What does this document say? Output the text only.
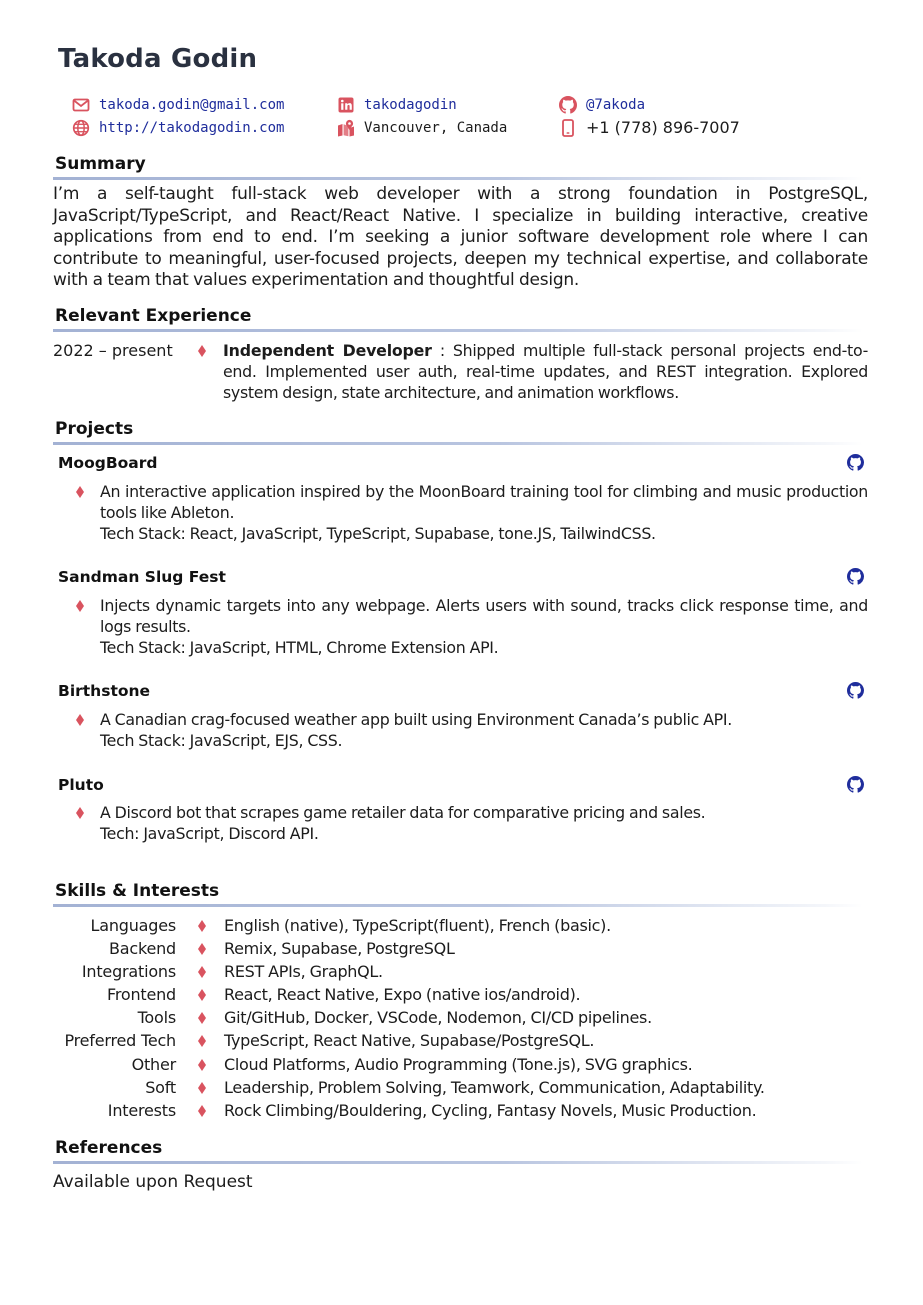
Takoda Godin
takoda.godin@gmail.com	takodagodin	@7akoda
http://takodagodin.com	Vancouver, Canada	+1 (778) 896-7007
Summary
I’m a self-taught full-stack web developer with a strong foundation in PostgreSQL, JavaScript/TypeScript, and React/React Native. I specialize in building interactive, creative applications from end to end. I’m seeking a junior software development role where I can contribute to meaningful, user-focused projects, deepen my technical expertise, and collaborate with a team that values experimentation and thoughtful design.
Relevant Experience
2022 – present	Independent Developer : Shipped multiple full-stack personal projects end-to-end. Implemented user auth, real-time updates, and REST integration. Explored system design, state architecture, and animation workflows.
Projects
MoogBoard
An interactive application inspired by the MoonBoard training tool for climbing and music production tools like Ableton.
Tech Stack: React, JavaScript, TypeScript, Supabase, tone.JS, TailwindCSS.
Sandman Slug Fest
Injects dynamic targets into any webpage. Alerts users with sound, tracks click response time, and logs results.
Tech Stack: JavaScript, HTML, Chrome Extension API.
Birthstone
A Canadian crag-focused weather app built using Environment Canada’s public API.
Tech Stack: JavaScript, EJS, CSS.
Pluto
A Discord bot that scrapes game retailer data for comparative pricing and sales.
Tech: JavaScript, Discord API.
Skills & Interests
Languages	English (native), TypeScript(fluent), French (basic).
Backend	Remix, Supabase, PostgreSQL
Integrations	REST APIs, GraphQL.
Frontend	React, React Native, Expo (native ios/android).
Tools	Git/GitHub, Docker, VSCode, Nodemon, CI/CD pipelines.
Preferred Tech	TypeScript, React Native, Supabase/PostgreSQL.
Other	Cloud Platforms, Audio Programming (Tone.js), SVG graphics.
Soft	Leadership, Problem Solving, Teamwork, Communication, Adaptability.
Interests	Rock Climbing/Bouldering, Cycling, Fantasy Novels, Music Production.
References
Available upon Request
